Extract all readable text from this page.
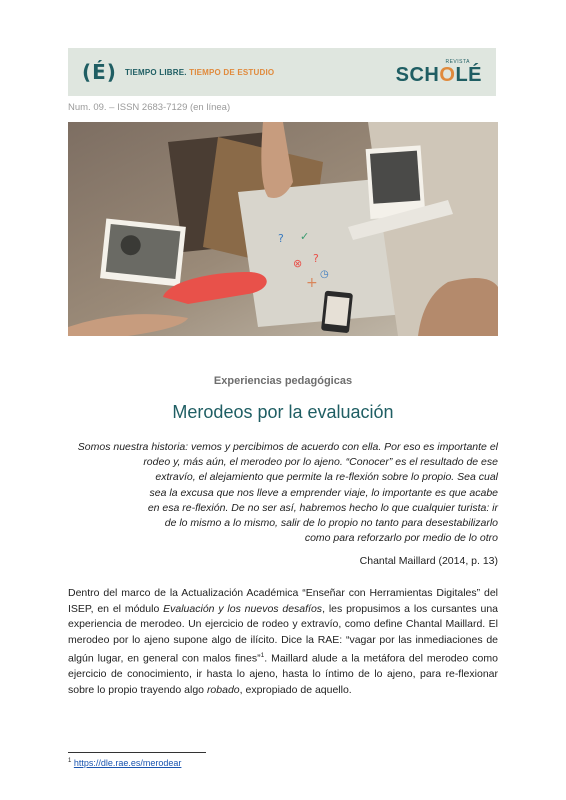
(É) TIEMPO LIBRE. TIEMPO DE ESTUDIO
REVISTA
SCHOLÉ
Num. 09. – ISSN 2683-7129 (en línea)
? ✓
⊗ ?
+
◷
Experiencias pedagógicas
Merodeos por la evaluación
Somos nuestra historia: vemos y percibimos de acuerdo con ella. Por eso es importante el
rodeo y, más aún, el merodeo por lo ajeno. “Conocer” es el resultado de ese
extravío, el alejamiento que permite la re-flexión sobre lo propio. Sea cual
sea la excusa que nos lleve a emprender viaje, lo importante es que acabe
en esa re-flexión. De no ser así, habremos hecho lo que cualquier turista: ir
de lo mismo a lo mismo, salir de lo propio no tanto para desestabilizarlo
como para reforzarlo por medio de lo otro
Chantal Maillard (2014, p. 13)

Dentro del marco de la Actualización Académica “Enseñar con Herramientas Digitales” del ISEP, en el módulo Evaluación y los nuevos desafíos, les propusimos a los cursantes una experiencia de merodeo. Un ejercicio de rodeo y extravío, como define Chantal Maillard. El merodeo por lo ajeno supone algo de ilícito. Dice la RAE: “vagar por las inmediaciones de algún lugar, en general con malos fines”$^1$. Maillard alude a la metáfora del merodeo como ejercicio de conocimiento, ir hasta lo ajeno, hasta lo íntimo de lo ajeno, para re-flexionar sobre lo propio trayendo algo robado, expropiado de aquello.

$^1$ https://dle.rae.es/merodear
